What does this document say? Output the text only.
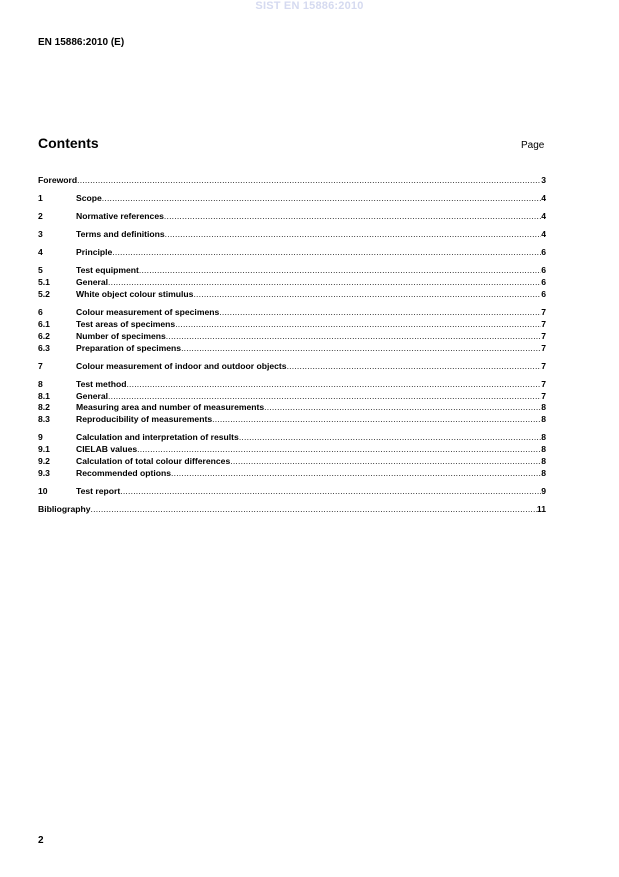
SIST EN 15886:2010
EN 15886:2010 (E)
Contents	Page
Foreword .....	3
1	Scope .....	4
2	Normative references .....	4
3	Terms and definitions .....	4
4	Principle .....	6
5	Test equipment .....	6
5.1	General .....	6
5.2	White object colour stimulus .....	6
6	Colour measurement of specimens .....	7
6.1	Test areas of specimens .....	7
6.2	Number of specimens .....	7
6.3	Preparation of specimens .....	7
7	Colour measurement of indoor and outdoor objects .....	7
8	Test method .....	7
8.1	General .....	7
8.2	Measuring area and number of measurements .....	8
8.3	Reproducibility of measurements .....	8
9	Calculation and interpretation of results .....	8
9.1	CIELAB values .....	8
9.2	Calculation of total colour differences .....	8
9.3	Recommended options .....	8
10	Test report .....	9
Bibliography .....	11
2
